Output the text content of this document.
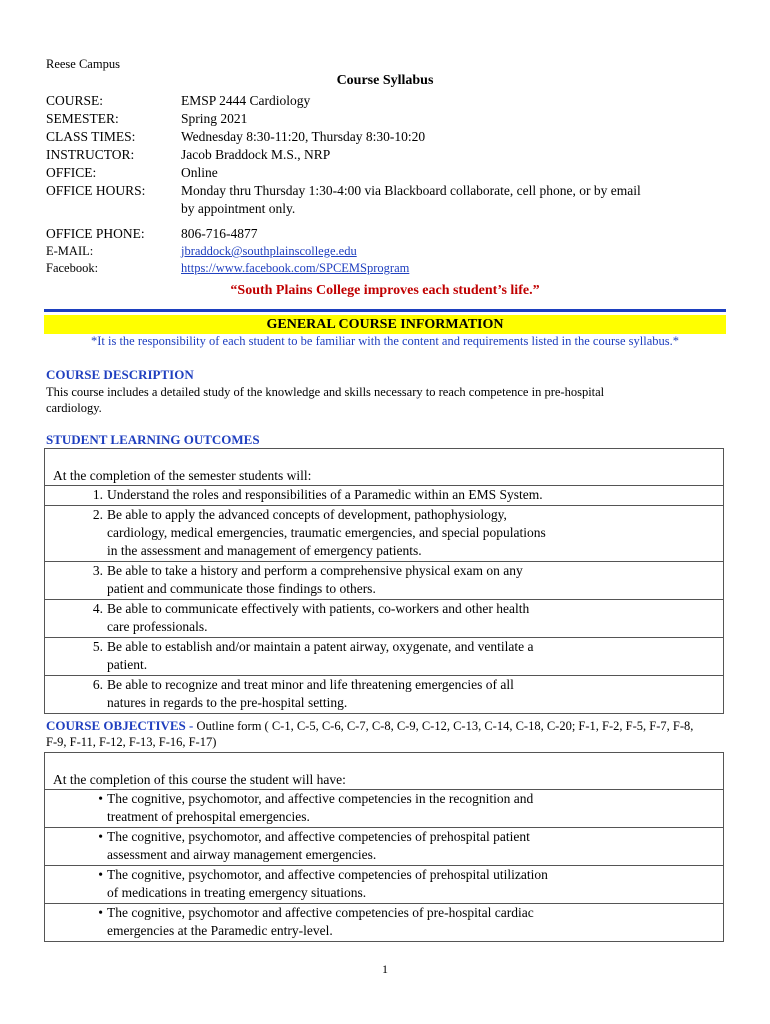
Reese Campus
Course Syllabus
COURSE:	EMSP 2444 Cardiology
SEMESTER:	Spring 2021
CLASS TIMES:	Wednesday 8:30-11:20, Thursday 8:30-10:20
INSTRUCTOR:	Jacob Braddock M.S., NRP
OFFICE:	Online
OFFICE HOURS:	Monday thru Thursday 1:30-4:00 via Blackboard collaborate, cell phone, or by email
by appointment only.
OFFICE PHONE:	806-716-4877
E-MAIL:	jbraddock@southplainscollege.edu
Facebook:	https://www.facebook.com/SPCEMSprogram
“South Plains College improves each student’s life.”
GENERAL COURSE INFORMATION
*It is the responsibility of each student to be familiar with the content and requirements listed in the course syllabus.*
COURSE DESCRIPTION
This course includes a detailed study of the knowledge and skills necessary to reach competence in pre-hospital
cardiology.
STUDENT LEARNING OUTCOMES
At the completion of the semester students will:
1. Understand the roles and responsibilities of a Paramedic within an EMS System.
2. Be able to apply the advanced concepts of development, pathophysiology,
cardiology, medical emergencies, traumatic emergencies, and special populations
in the assessment and management of emergency patients.
3. Be able to take a history and perform a comprehensive physical exam on any
patient and communicate those findings to others.
4. Be able to communicate effectively with patients, co-workers and other health
care professionals.
5. Be able to establish and/or maintain a patent airway, oxygenate, and ventilate a
patient.
6. Be able to recognize and treat minor and life threatening emergencies of all
natures in regards to the pre-hospital setting.
COURSE OBJECTIVES - Outline form ( C-1, C-5, C-6, C-7, C-8, C-9, C-12, C-13, C-14, C-18, C-20; F-1, F-2, F-5, F-7, F-8,
F-9, F-11, F-12, F-13, F-16, F-17)
At the completion of this course the student will have:
• The cognitive, psychomotor, and affective competencies in the recognition and
treatment of prehospital emergencies.
• The cognitive, psychomotor, and affective competencies of prehospital patient
assessment and airway management emergencies.
• The cognitive, psychomotor, and affective competencies of prehospital utilization
of medications in treating emergency situations.
• The cognitive, psychomotor and affective competencies of pre-hospital cardiac
emergencies at the Paramedic entry-level.
1
